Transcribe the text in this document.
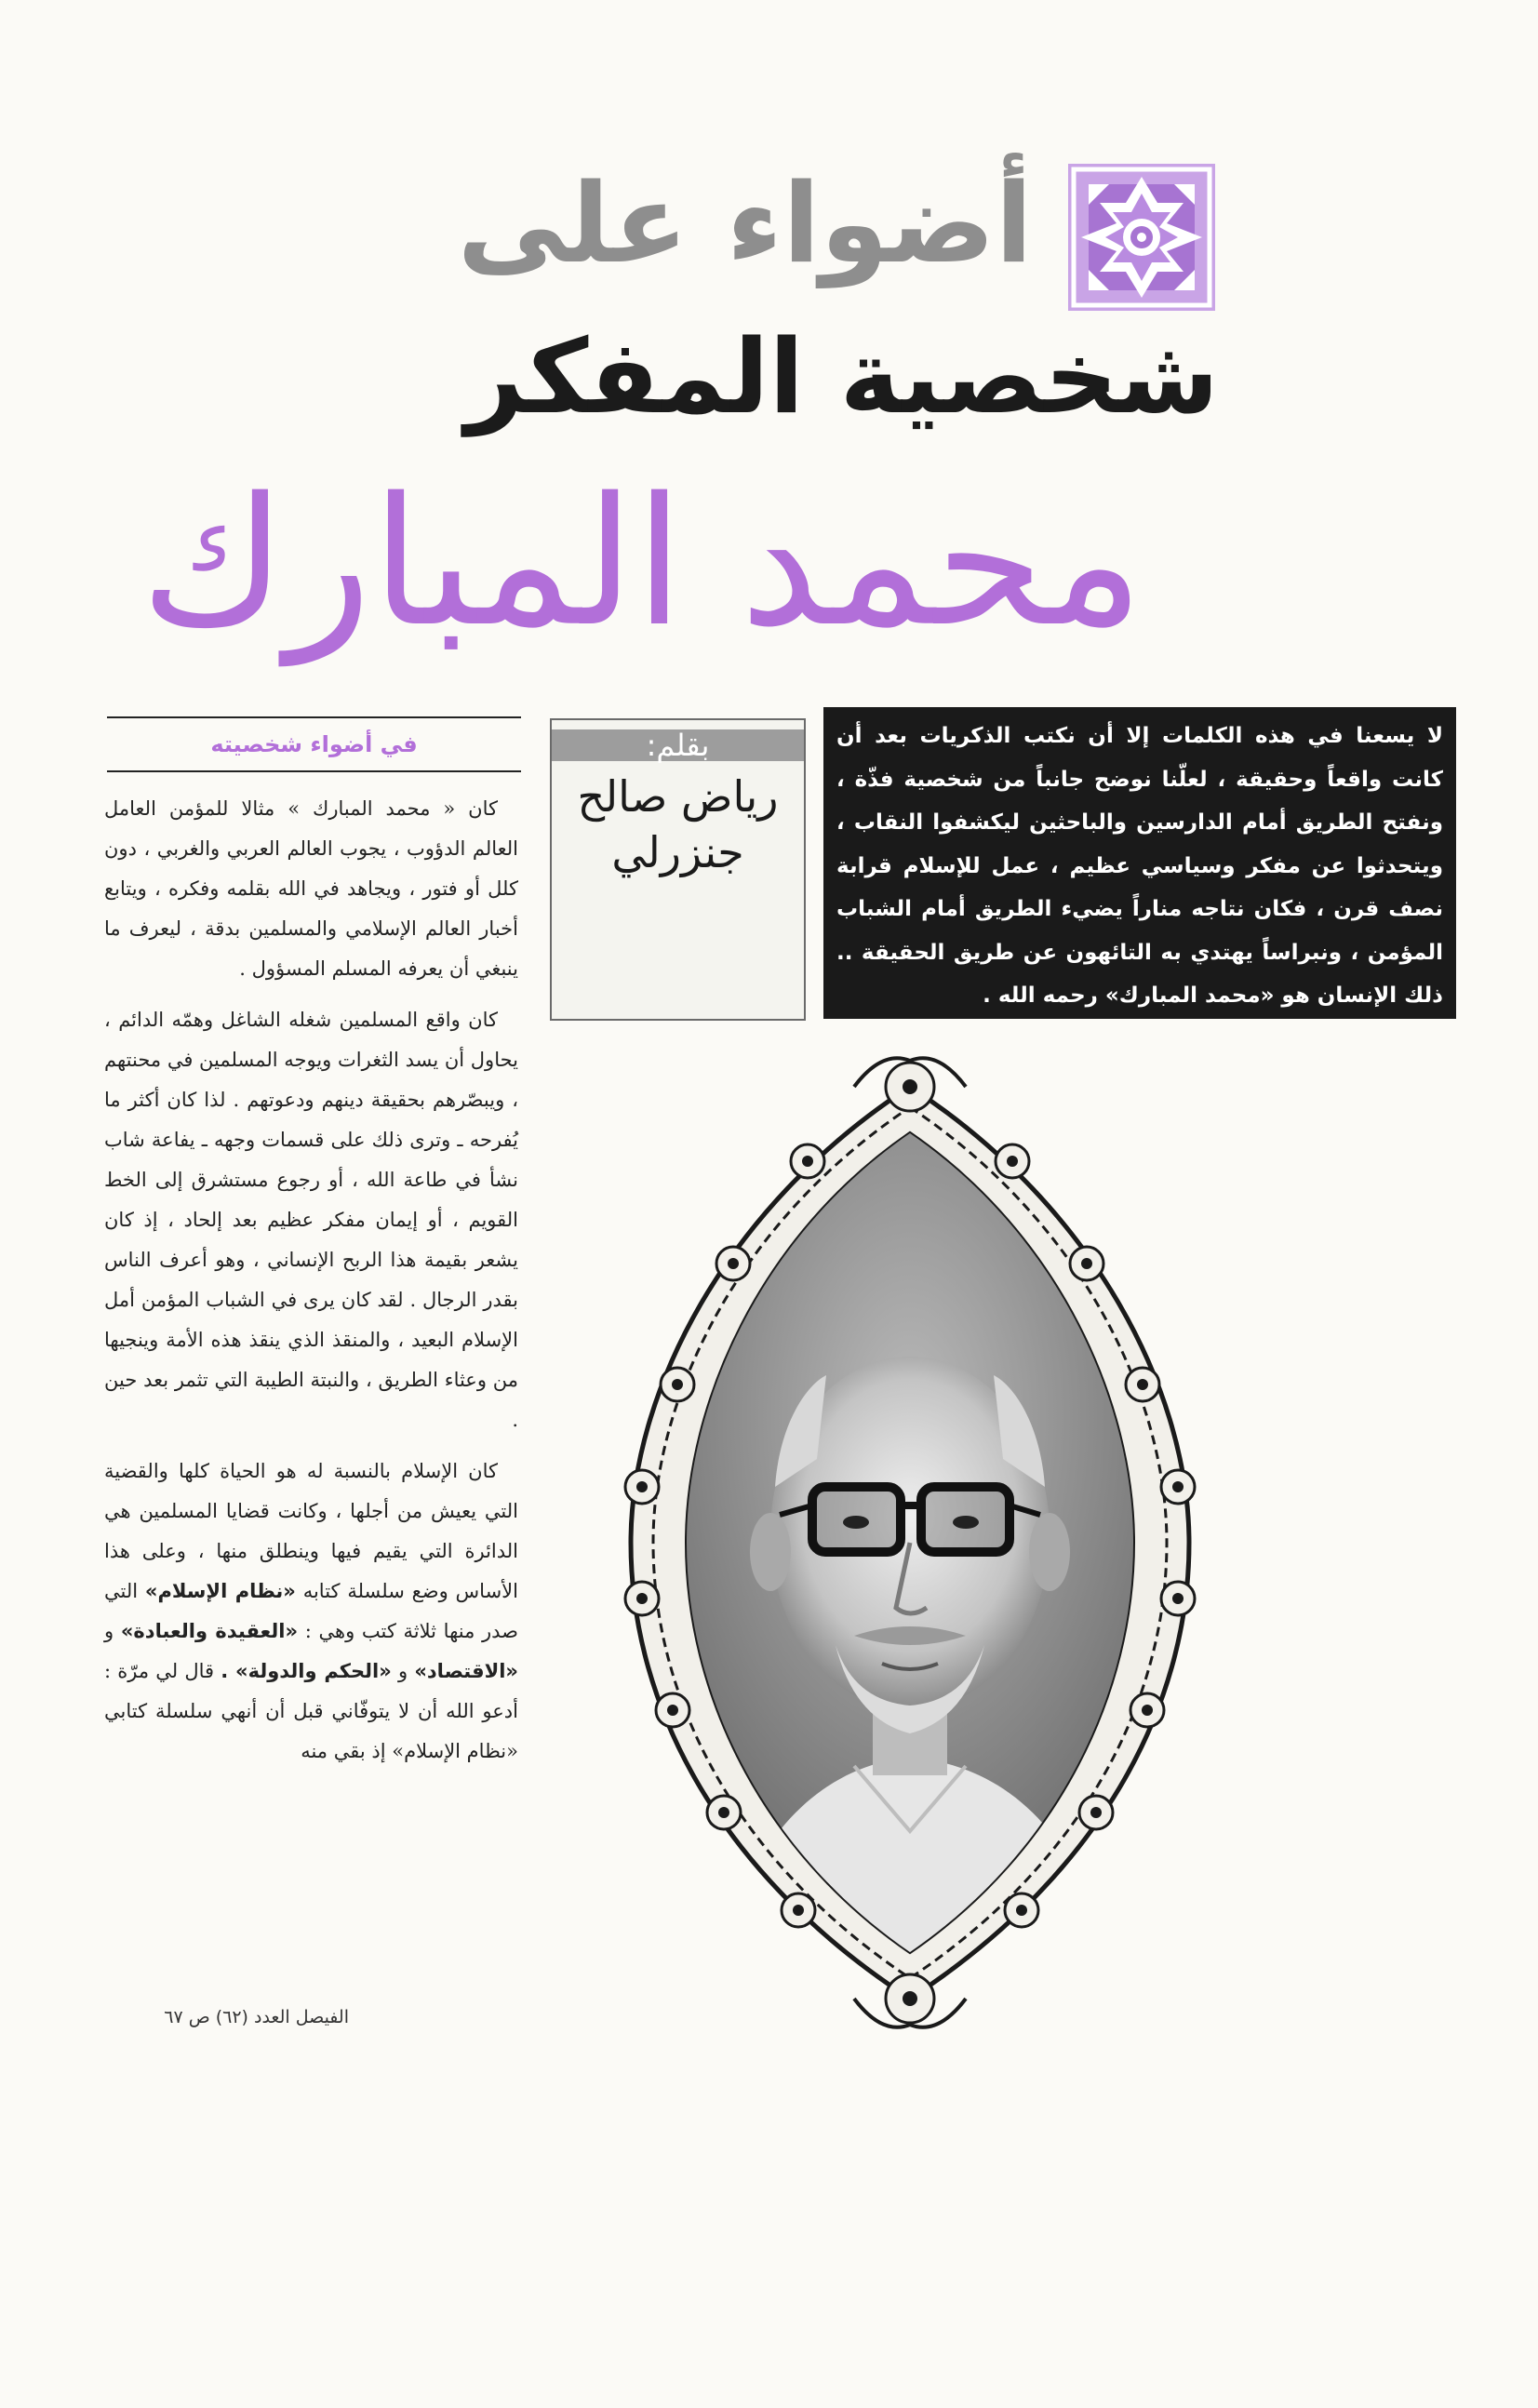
أضواء على
شخصية المفكر
محمد المبارك
لا يسعنا في هذه الكلمات إلا أن نكتب الذكريات بعد أن كانت واقعاً وحقيقة ، لعلّنا نوضح جانباً من شخصية فذّة ، ونفتح الطريق أمام الدارسين والباحثين ليكشفوا النقاب ، ويتحدثوا عن مفكر وسياسي عظيم ، عمل للإسلام قرابة نصف قرن ، فكان نتاجه مناراً يضيء الطريق أمام الشباب المؤمن ، ونبراساً يهتدي به التائهون عن طريق الحقيقة .. ذلك الإنسان هو «محمد المبارك» رحمه الله .
بقلم:
رياض صالح جنزرلي
في أضواء شخصيته

كان « محمد المبارك » مثالا للمؤمن العامل العالم الدؤوب ، يجوب العالم العربي والغربي ، دون كلل أو فتور ، ويجاهد في الله بقلمه وفكره ، ويتابع أخبار العالم الإسلامي والمسلمين بدقة ، ليعرف ما ينبغي أن يعرفه المسلم المسؤول .

كان واقع المسلمين شغله الشاغل وهمّه الدائم ، يحاول أن يسد الثغرات ويوجه المسلمين في محنتهم ، ويبصّرهم بحقيقة دينهم ودعوتهم . لذا كان أكثر ما يُفرحه ـ وترى ذلك على قسمات وجهه ـ يفاعة شاب نشأ في طاعة الله ، أو رجوع مستشرق إلى الخط القويم ، أو إيمان مفكر عظيم بعد إلحاد ، إذ كان يشعر بقيمة هذا الربح الإنساني ، وهو أعرف الناس بقدر الرجال . لقد كان يرى في الشباب المؤمن أمل الإسلام البعيد ، والمنقذ الذي ينقذ هذه الأمة وينجيها من وعثاء الطريق ، والنبتة الطيبة التي تثمر بعد حين .

كان الإسلام بالنسبة له هو الحياة كلها والقضية التي يعيش من أجلها ، وكانت قضايا المسلمين هي الدائرة التي يقيم فيها وينطلق منها ، وعلى هذا الأساس وضع سلسلة كتابه «نظام الإسلام» التي صدر منها ثلاثة كتب وهي : «العقيدة والعبادة» و «الاقتصاد» و «الحكم والدولة» . قال لي مرّة : أدعو الله أن لا يتوفّاني قبل أن أنهي سلسلة كتابي «نظام الإسلام» إذ بقي منه

الفيصل العدد (٦٢) ص ٦٧
